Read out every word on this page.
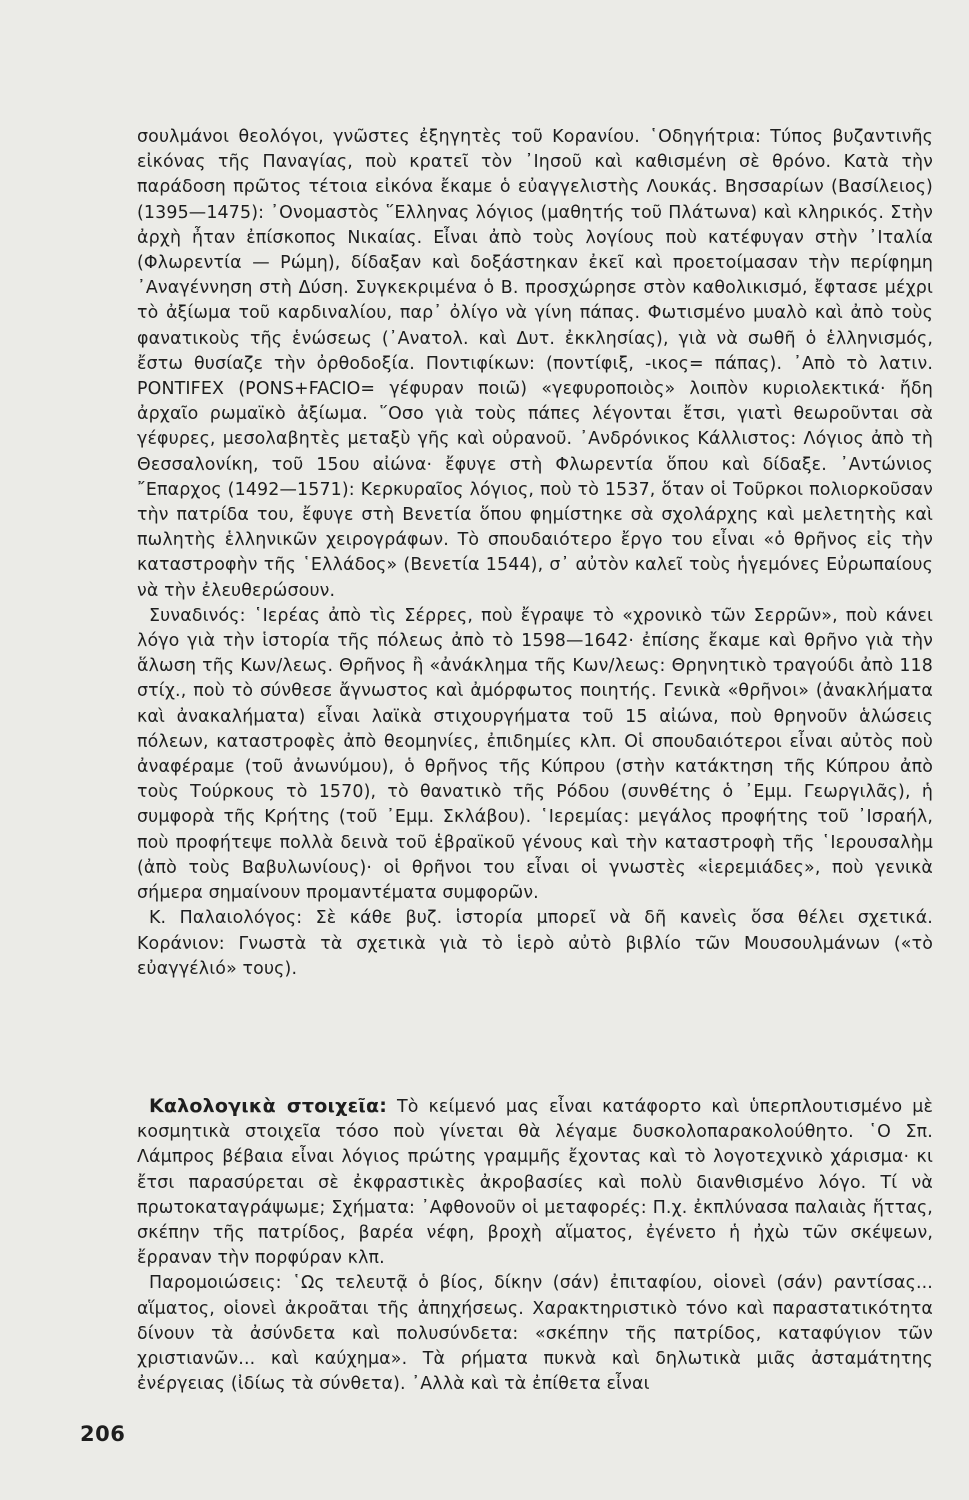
σουλμάνοι θεολόγοι, γνῶστες ἐξηγητὲς τοῦ Κορανίου. ῾Οδηγήτρια: Τύπος βυζαντινῆς εἰκόνας τῆς Παναγίας, ποὺ κρατεῖ τὸν ᾿Ιησοῦ καὶ καθισμένη σὲ θρόνο. Κατὰ τὴν παράδοση πρῶτος τέτοια εἰκόνα ἔκαμε ὁ εὐαγγελιστὴς Λουκάς. Βησσαρίων (Βασίλειος) (1395—1475): ᾿Ονομαστὸς ῞Ελληνας λόγιος (μαθητής τοῦ Πλάτωνα) καὶ κληρικός. Στὴν ἀρχὴ ἦταν ἐπίσκοπος Νικαίας. Εἶναι ἀπὸ τοὺς λογίους ποὺ κατέφυγαν στὴν ᾿Ιταλία (Φλωρεντία — Ρώμη), δίδαξαν καὶ δοξάστηκαν ἐκεῖ καὶ προετοίμασαν τὴν περίφημη ᾿Αναγέννηση στὴ Δύση. Συγκεκριμένα ὁ Β. προσχώρησε στὸν καθολικισμό, ἔφτασε μέχρι τὸ ἀξίωμα τοῦ καρδιναλίου, παρ᾿ ὀλίγο νὰ γίνη πάπας. Φωτισμένο μυαλὸ καὶ ἀπὸ τοὺς φανατικοὺς τῆς ἑνώσεως (᾿Ανατολ. καὶ Δυτ. ἐκκλησίας), γιὰ νὰ σωθῆ ὁ ἑλληνισμός, ἔστω θυσίαζε τὴν ὀρθοδοξία. Ποντιφίκων: (ποντίφιξ, -ικος= πάπας). ᾿Απὸ τὸ λατιν. PONTIFEX (PONS+FACIO= γέφυραν ποιῶ) «γεφυροποιὸς» λοιπὸν κυριολεκτικά· ἤδη ἀρχαῖο ρωμαϊκὸ ἀξίωμα. ῞Οσο γιὰ τοὺς πάπες λέγονται ἔτσι, γιατὶ θεωροῦνται σὰ γέφυρες, μεσολαβητὲς μεταξὺ γῆς καὶ οὐρανοῦ. ᾿Ανδρόνικος Κάλλιστος: Λόγιος ἀπὸ τὴ Θεσσαλονίκη, τοῦ 15ου αἰώνα· ἔφυγε στὴ Φλωρεντία ὅπου καὶ δίδαξε. ᾿Αντώνιος ῎Επαρχος (1492—1571): Κερκυραῖος λόγιος, ποὺ τὸ 1537, ὅταν οἱ Τοῦρκοι πολιορκοῦσαν τὴν πατρίδα του, ἔφυγε στὴ Βενετία ὅπου φημίστηκε σὰ σχολάρχης καὶ μελετητὴς καὶ πωλητὴς ἑλληνικῶν χειρογράφων. Τὸ σπουδαιότερο ἔργο του εἶναι «ὁ θρῆνος εἰς τὴν καταστροφὴν τῆς ῾Ελλάδος» (Βενετία 1544), σ᾿ αὐτὸν καλεῖ τοὺς ἡγεμόνες Εὐρωπαίους νὰ τὴν ἐλευθερώσουν.

Συναδινός: ῾Ιερέας ἀπὸ τὶς Σέρρες, ποὺ ἔγραψε τὸ «χρονικὸ τῶν Σερρῶν», ποὺ κάνει λόγο γιὰ τὴν ἱστορία τῆς πόλεως ἀπὸ τὸ 1598—1642· ἐπίσης ἔκαμε καὶ θρῆνο γιὰ τὴν ἅλωση τῆς Κων/λεως. Θρῆνος ἢ «ἀνάκλημα τῆς Κων/λεως: Θρηνητικὸ τραγούδι ἀπὸ 118 στίχ., ποὺ τὸ σύνθεσε ἄγνωστος καὶ ἀμόρφωτος ποιητής. Γενικὰ «θρῆνοι» (ἀνακλήματα καὶ ἀνακαλήματα) εἶναι λαϊκὰ στιχουργήματα τοῦ 15 αἰώνα, ποὺ θρηνοῦν ἁλώσεις πόλεων, καταστροφὲς ἀπὸ θεομηνίες, ἐπιδημίες κλπ. Οἱ σπουδαιότεροι εἶναι αὐτὸς ποὺ ἀναφέραμε (τοῦ ἀνωνύμου), ὁ θρῆνος τῆς Κύπρου (στὴν κατάκτηση τῆς Κύπρου ἀπὸ τοὺς Τούρκους τὸ 1570), τὸ θανατικὸ τῆς Ρόδου (συνθέτης ὁ ᾿Εμμ. Γεωργιλᾶς), ἡ συμφορὰ τῆς Κρήτης (τοῦ ᾿Εμμ. Σκλάβου). ῾Ιερεμίας: μεγάλος προφήτης τοῦ ᾿Ισραήλ, ποὺ προφήτεψε πολλὰ δεινὰ τοῦ ἑβραϊκοῦ γένους καὶ τὴν καταστροφὴ τῆς ῾Ιερουσαλὴμ (ἀπὸ τοὺς Βαβυλωνίους)· οἱ θρῆνοι του εἶναι οἱ γνωστὲς «ἱερεμιάδες», ποὺ γενικὰ σήμερα σημαίνουν προμαντέματα συμφορῶν.

Κ. Παλαιολόγος: Σὲ κάθε βυζ. ἱστορία μπορεῖ νὰ δῆ κανεὶς ὅσα θέλει σχετικά. Κοράνιον: Γνωστὰ τὰ σχετικὰ γιὰ τὸ ἱερὸ αὐτὸ βιβλίο τῶν Μουσουλμάνων («τὸ εὐαγγέλιό» τους).

Καλολογικὰ στοιχεῖα: Τὸ κείμενό μας εἶναι κατάφορτο καὶ ὑπερπλουτισμένο μὲ κοσμητικὰ στοιχεῖα τόσο ποὺ γίνεται θὰ λέγαμε δυσκολοπαρακολούθητο. ῾Ο Σπ. Λάμπρος βέβαια εἶναι λόγιος πρώτης γραμμῆς ἔχοντας καὶ τὸ λογοτεχνικὸ χάρισμα· κι ἔτσι παρασύρεται σὲ ἐκφραστικὲς ἀκροβασίες καὶ πολὺ διανθισμένο λόγο. Τί νὰ πρωτοκαταγράψωμε; Σχήματα: ᾿Αφθονοῦν οἱ μεταφορές: Π.χ. ἐκπλύνασα παλαιὰς ἥττας, σκέπην τῆς πατρίδος, βαρέα νέφη, βροχὴ αἵματος, ἐγένετο ἡ ἠχὼ τῶν σκέψεων, ἔρραναν τὴν πορφύραν κλπ.

Παρομοιώσεις: ῾Ως τελευτᾷ ὁ βίος, δίκην (σάν) ἐπιταφίου, οἱονεὶ (σάν) ραντίσας... αἵματος, οἱονεὶ ἀκροᾶται τῆς ἀπηχήσεως. Χαρακτηριστικὸ τόνο καὶ παραστατικότητα δίνουν τὰ ἀσύνδετα καὶ πολυσύνδετα: «σκέπην τῆς πατρίδος, καταφύγιον τῶν χριστιανῶν... καὶ καύχημα». Τὰ ρήματα πυκνὰ καὶ δηλωτικὰ μιᾶς ἀσταμάτητης ἐνέργειας (ἰδίως τὰ σύνθετα). ᾿Αλλὰ καὶ τὰ ἐπίθετα εἶναι

206
